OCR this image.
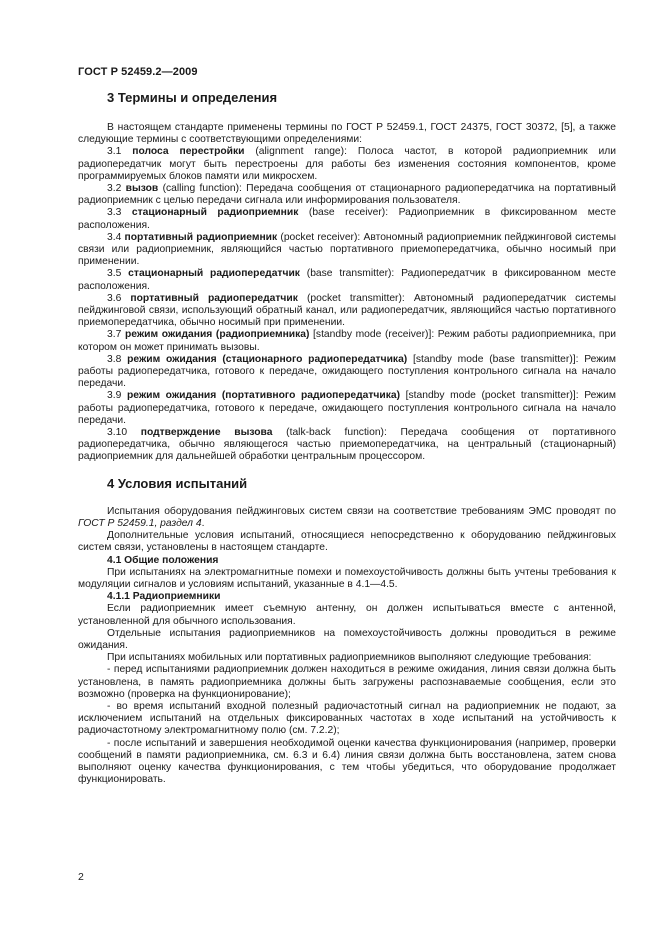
ГОСТ Р 52459.2—2009
3 Термины и определения

В настоящем стандарте применены термины по ГОСТ Р 52459.1, ГОСТ 24375, ГОСТ 30372, [5], а также следующие термины с соответствующими определениями:

3.1 полоса перестройки (alignment range): Полоса частот, в которой радиоприемник или радиопередатчик могут быть перестроены для работы без изменения состояния компонентов, кроме программируемых блоков памяти или микросхем.

3.2 вызов (calling function): Передача сообщения от стационарного радиопередатчика на портативный радиоприемник с целью передачи сигнала или информирования пользователя.

3.3 стационарный радиоприемник (base receiver): Радиоприемник в фиксированном месте расположения.

3.4 портативный радиоприемник (pocket receiver): Автономный радиоприемник пейджинговой системы связи или радиоприемник, являющийся частью портативного приемопередатчика, обычно носимый при применении.

3.5 стационарный радиопередатчик (base transmitter): Радиопередатчик в фиксированном месте расположения.

3.6 портативный радиопередатчик (pocket transmitter): Автономный радиопередатчик системы пейджинговой связи, использующий обратный канал, или радиопередатчик, являющийся частью портативного приемопередатчика, обычно носимый при применении.

3.7 режим ожидания (радиоприемника) [standby mode (receiver)]: Режим работы радиоприемника, при котором он может принимать вызовы.

3.8 режим ожидания (стационарного радиопередатчика) [standby mode (base transmitter)]: Режим работы радиопередатчика, готового к передаче, ожидающего поступления контрольного сигнала на начало передачи.

3.9 режим ожидания (портативного радиопередатчика) [standby mode (pocket transmitter)]: Режим работы радиопередатчика, готового к передаче, ожидающего поступления контрольного сигнала на начало передачи.

3.10 подтверждение вызова (talk-back function): Передача сообщения от портативного радиопередатчика, обычно являющегося частью приемопередатчика, на центральный (стационарный) радиоприемник для дальнейшей обработки центральным процессором.

4 Условия испытаний

Испытания оборудования пейджинговых систем связи на соответствие требованиям ЭМС проводят по ГОСТ Р 52459.1, раздел 4.

Дополнительные условия испытаний, относящиеся непосредственно к оборудованию пейджинговых систем связи, установлены в настоящем стандарте.

4.1 Общие положения

При испытаниях на электромагнитные помехи и помехоустойчивость должны быть учтены требования к модуляции сигналов и условиям испытаний, указанные в 4.1—4.5.

4.1.1 Радиоприемники

Если радиоприемник имеет съемную антенну, он должен испытываться вместе с антенной, установленной для обычного использования.

Отдельные испытания радиоприемников на помехоустойчивость должны проводиться в режиме ожидания.

При испытаниях мобильных или портативных радиоприемников выполняют следующие требования:

- перед испытаниями радиоприемник должен находиться в режиме ожидания, линия связи должна быть установлена, в память радиоприемника должны быть загружены распознаваемые сообщения, если это возможно (проверка на функционирование);

- во время испытаний входной полезный радиочастотный сигнал на радиоприемник не подают, за исключением испытаний на отдельных фиксированных частотах в ходе испытаний на устойчивость к радиочастотному электромагнитному полю (см. 7.2.2);

- после испытаний и завершения необходимой оценки качества функционирования (например, проверки сообщений в памяти радиоприемника, см. 6.3 и 6.4) линия связи должна быть восстановлена, затем снова выполняют оценку качества функционирования, с тем чтобы убедиться, что оборудование продолжает функционировать.

2
